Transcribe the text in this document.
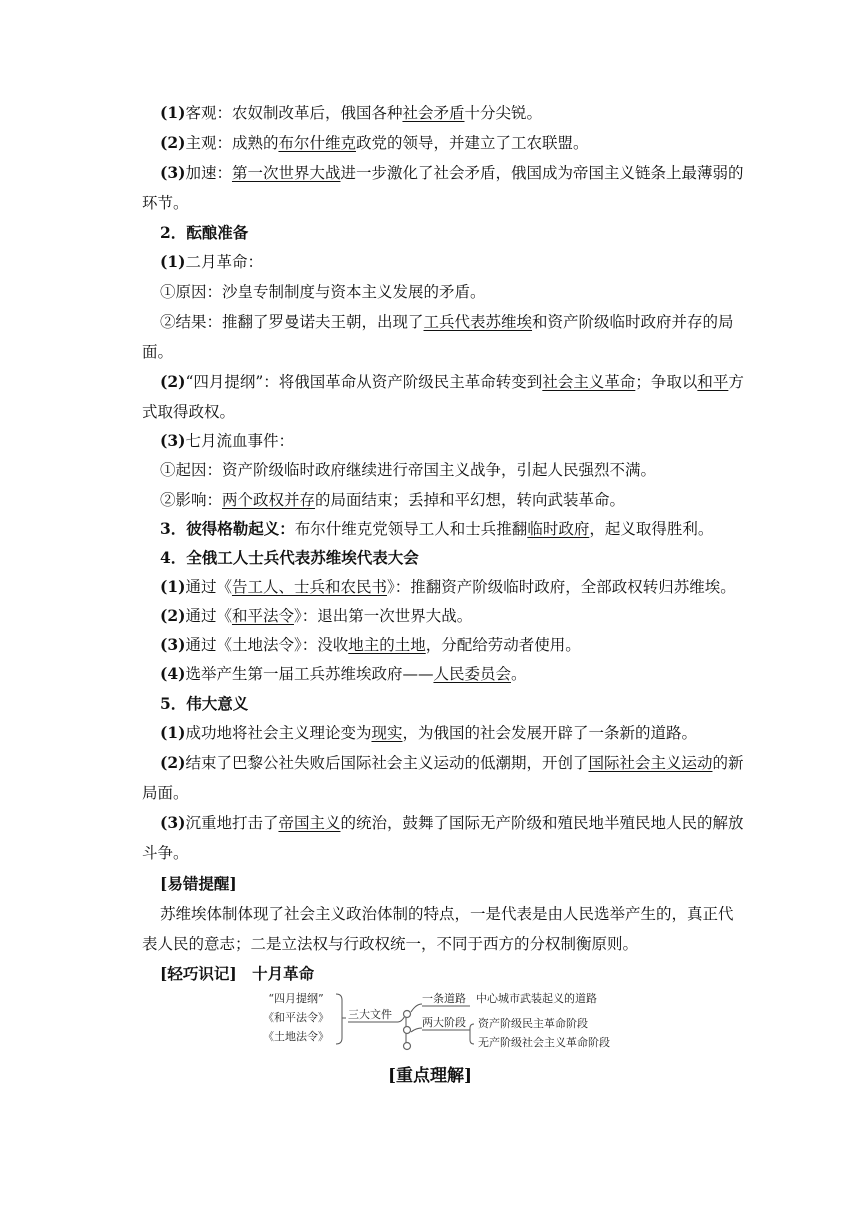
(1)客观：农奴制改革后，俄国各种社会矛盾十分尖锐。
(2)主观：成熟的布尔什维克政党的领导，并建立了工农联盟。
(3)加速：第一次世界大战进一步激化了社会矛盾，俄国成为帝国主义链条上最薄弱的
环节。
2．酝酿准备
(1)二月革命：
①原因：沙皇专制制度与资本主义发展的矛盾。
②结果：推翻了罗曼诺夫王朝，出现了工兵代表苏维埃和资产阶级临时政府并存的局
面。
(2)“四月提纲”：将俄国革命从资产阶级民主革命转变到社会主义革命；争取以和平方
式取得政权。
(3)七月流血事件：
①起因：资产阶级临时政府继续进行帝国主义战争，引起人民强烈不满。
②影响：两个政权并存的局面结束；丢掉和平幻想，转向武装革命。
3．彼得格勒起义：布尔什维克党领导工人和士兵推翻临时政府，起义取得胜利。
4．全俄工人士兵代表苏维埃代表大会
(1)通过《告工人、士兵和农民书》：推翻资产阶级临时政府，全部政权转归苏维埃。
(2)通过《和平法令》：退出第一次世界大战。
(3)通过《土地法令》：没收地主的土地，分配给劳动者使用。
(4)选举产生第一届工兵苏维埃政府——人民委员会。
5．伟大意义
(1)成功地将社会主义理论变为现实，为俄国的社会发展开辟了一条新的道路。
(2)结束了巴黎公社失败后国际社会主义运动的低潮期，开创了国际社会主义运动的新
局面。
(3)沉重地打击了帝国主义的统治，鼓舞了国际无产阶级和殖民地半殖民地人民的解放
斗争。
[易错提醒]
苏维埃体制体现了社会主义政治体制的特点，一是代表是由人民选举产生的，真正代
表人民的意志；二是立法权与行政权统一，不同于西方的分权制衡原则。
[轻巧识记]　十月革命
“四月提纲”
《和平法令》
《土地法令》
三大文件
一条道路 中心城市武装起义的道路
两大阶段 资产阶级民主革命阶段
无产阶级社会主义革命阶段
[重点理解]
